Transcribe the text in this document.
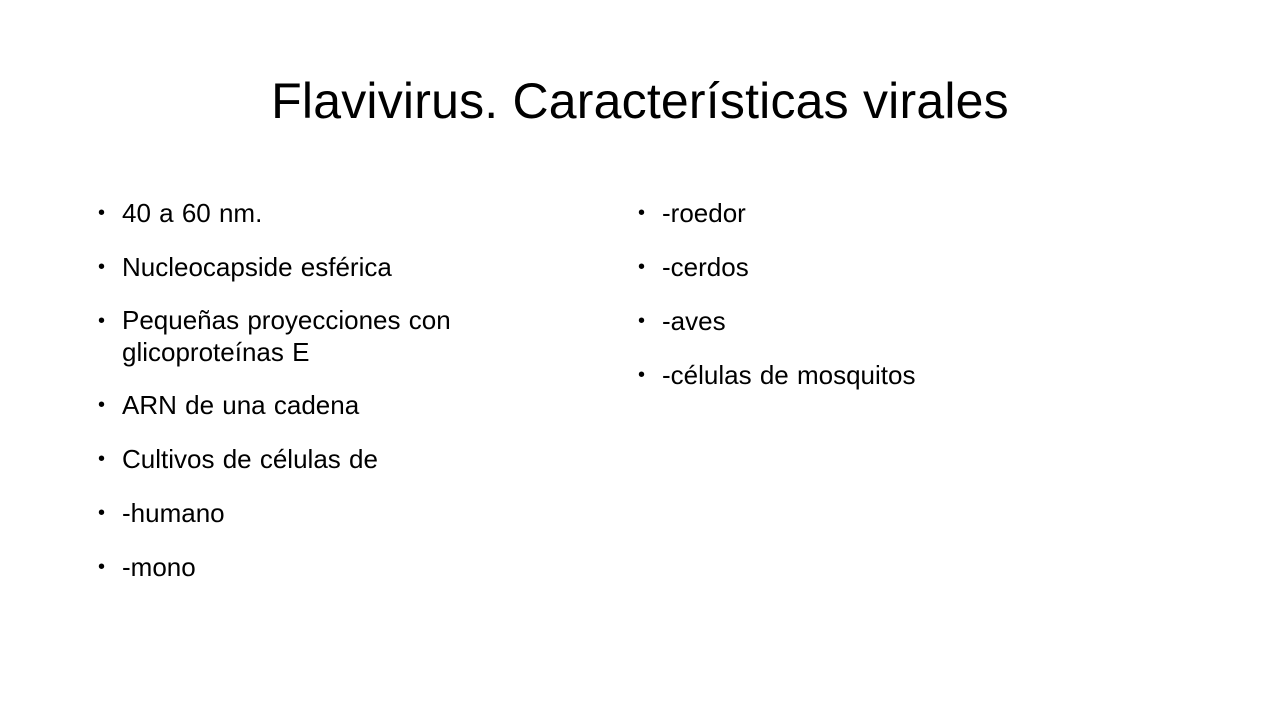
Flavivirus. Características virales
• 40 a 60 nm.
• Nucleocapside esférica
• Pequeñas proyecciones con glicoproteínas E
• ARN de una cadena
• Cultivos de células de
• -humano
• -mono
• -roedor
• -cerdos
• -aves
• -células de mosquitos
